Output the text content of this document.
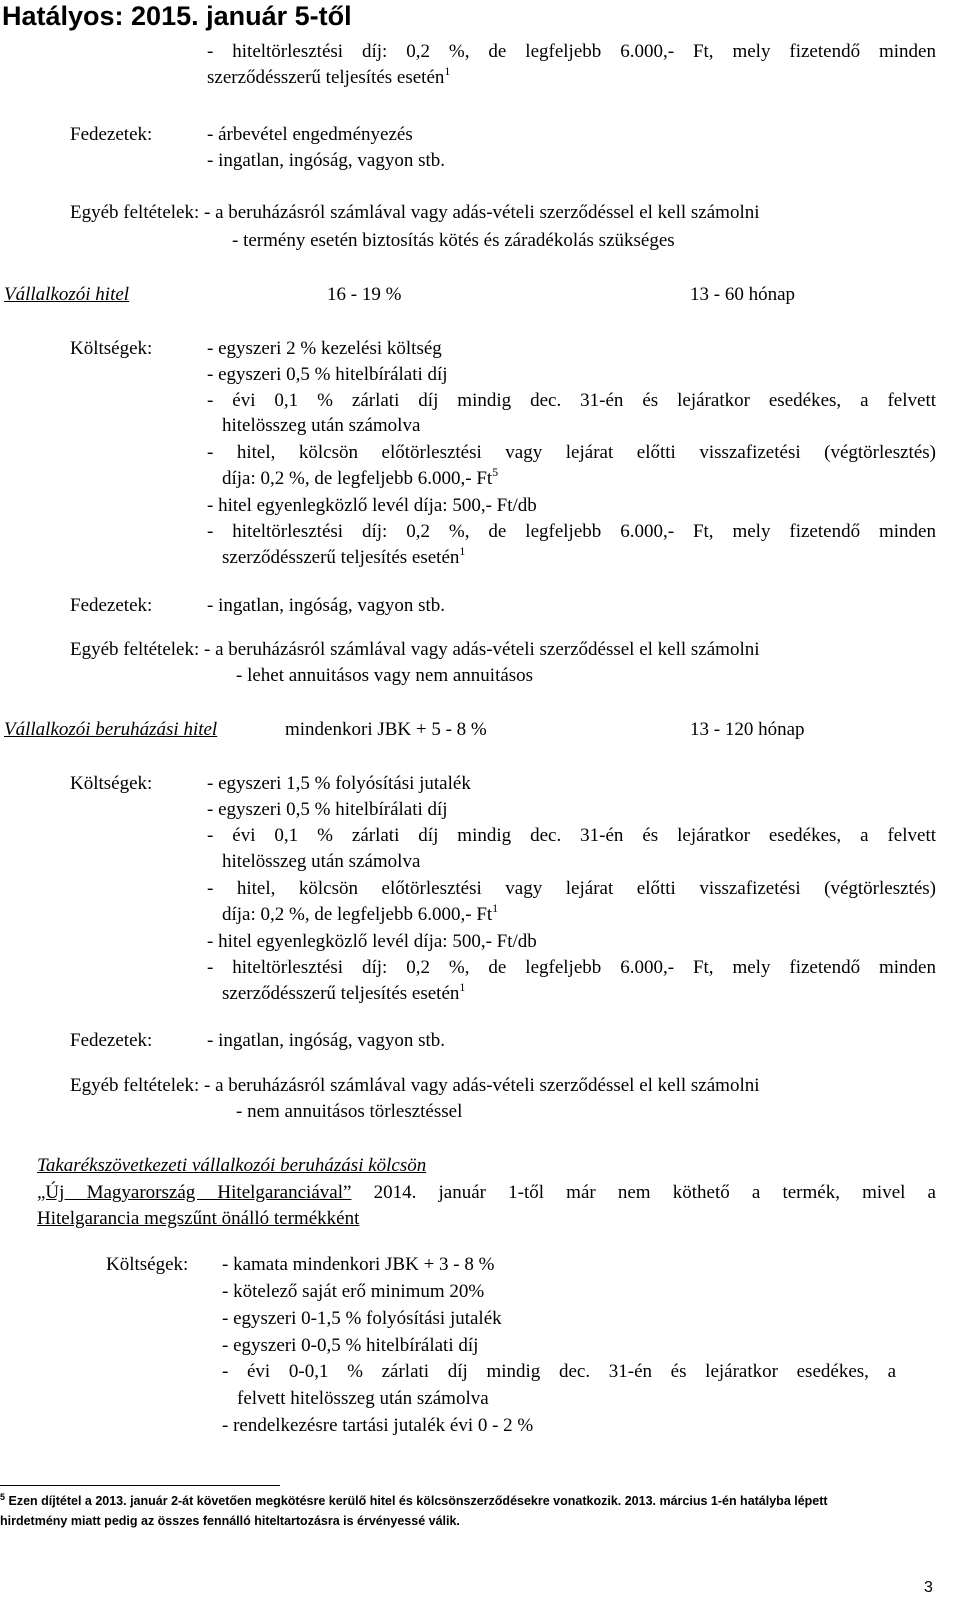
Hatályos: 2015. január 5-től
- hiteltörlesztési díj: 0,2 %, de legfeljebb 6.000,- Ft, mely fizetendő minden
szerződésszerű teljesítés esetén$^1$
Fedezetek:	- árbevétel engedményezés
- ingatlan, ingóság, vagyon stb.
Egyéb feltételek: - a beruházásról számlával vagy adás-vételi szerződéssel el kell számolni
- termény esetén biztosítás kötés és záradékolás szükséges
Vállalkozói hitel	16 - 19 %	13 - 60 hónap
Költségek:	- egyszeri 2 % kezelési költség
- egyszeri 0,5 % hitelbírálati díj
- évi 0,1 % zárlati díj mindig dec. 31-én és lejáratkor esedékes, a felvett
hitelösszeg után számolva
- hitel, kölcsön előtörlesztési vagy lejárat előtti visszafizetési (végtörlesztés)
díja: 0,2 %, de legfeljebb 6.000,- Ft$^5$
- hitel egyenlegközlő levél díja: 500,- Ft/db
- hiteltörlesztési díj: 0,2 %, de legfeljebb 6.000,- Ft, mely fizetendő minden
szerződésszerű teljesítés esetén$^1$
Fedezetek:	- ingatlan, ingóság, vagyon stb.
Egyéb feltételek: - a beruházásról számlával vagy adás-vételi szerződéssel el kell számolni
- lehet annuitásos vagy nem annuitásos
Vállalkozói beruházási hitel	mindenkori JBK + 5 - 8 %	13 - 120 hónap
Költségek:	- egyszeri 1,5 % folyósítási jutalék
- egyszeri 0,5 % hitelbírálati díj
- évi 0,1 % zárlati díj mindig dec. 31-én és lejáratkor esedékes, a felvett
hitelösszeg után számolva
- hitel, kölcsön előtörlesztési vagy lejárat előtti visszafizetési (végtörlesztés)
díja: 0,2 %, de legfeljebb 6.000,- Ft$^1$
- hitel egyenlegközlő levél díja: 500,- Ft/db
- hiteltörlesztési díj: 0,2 %, de legfeljebb 6.000,- Ft, mely fizetendő minden
szerződésszerű teljesítés esetén$^1$
Fedezetek:	- ingatlan, ingóság, vagyon stb.
Egyéb feltételek: - a beruházásról számlával vagy adás-vételi szerződéssel el kell számolni
- nem annuitásos törlesztéssel
Takarékszövetkezeti vállalkozói beruházási kölcsön
„Új Magyarország Hitelgaranciával” 2014. január 1-től már nem köthető a termék, mivel a
Hitelgarancia megszűnt önálló termékként
Költségek: - kamata mindenkori JBK + 3 - 8 %
- kötelező saját erő minimum 20%
- egyszeri 0-1,5 % folyósítási jutalék
- egyszeri 0-0,5 % hitelbírálati díj
- évi 0-0,1 % zárlati díj mindig dec. 31-én és lejáratkor esedékes, a
felvett hitelösszeg után számolva
- rendelkezésre tartási jutalék évi 0 - 2 %
$^5$ Ezen díjtétel a 2013. január 2-át követően megkötésre kerülő hitel és kölcsönszerződésekre vonatkozik. 2013. március 1-én hatályba lépett
hirdetmény miatt pedig az összes fennálló hiteltartozásra is érvényessé válik.
3
